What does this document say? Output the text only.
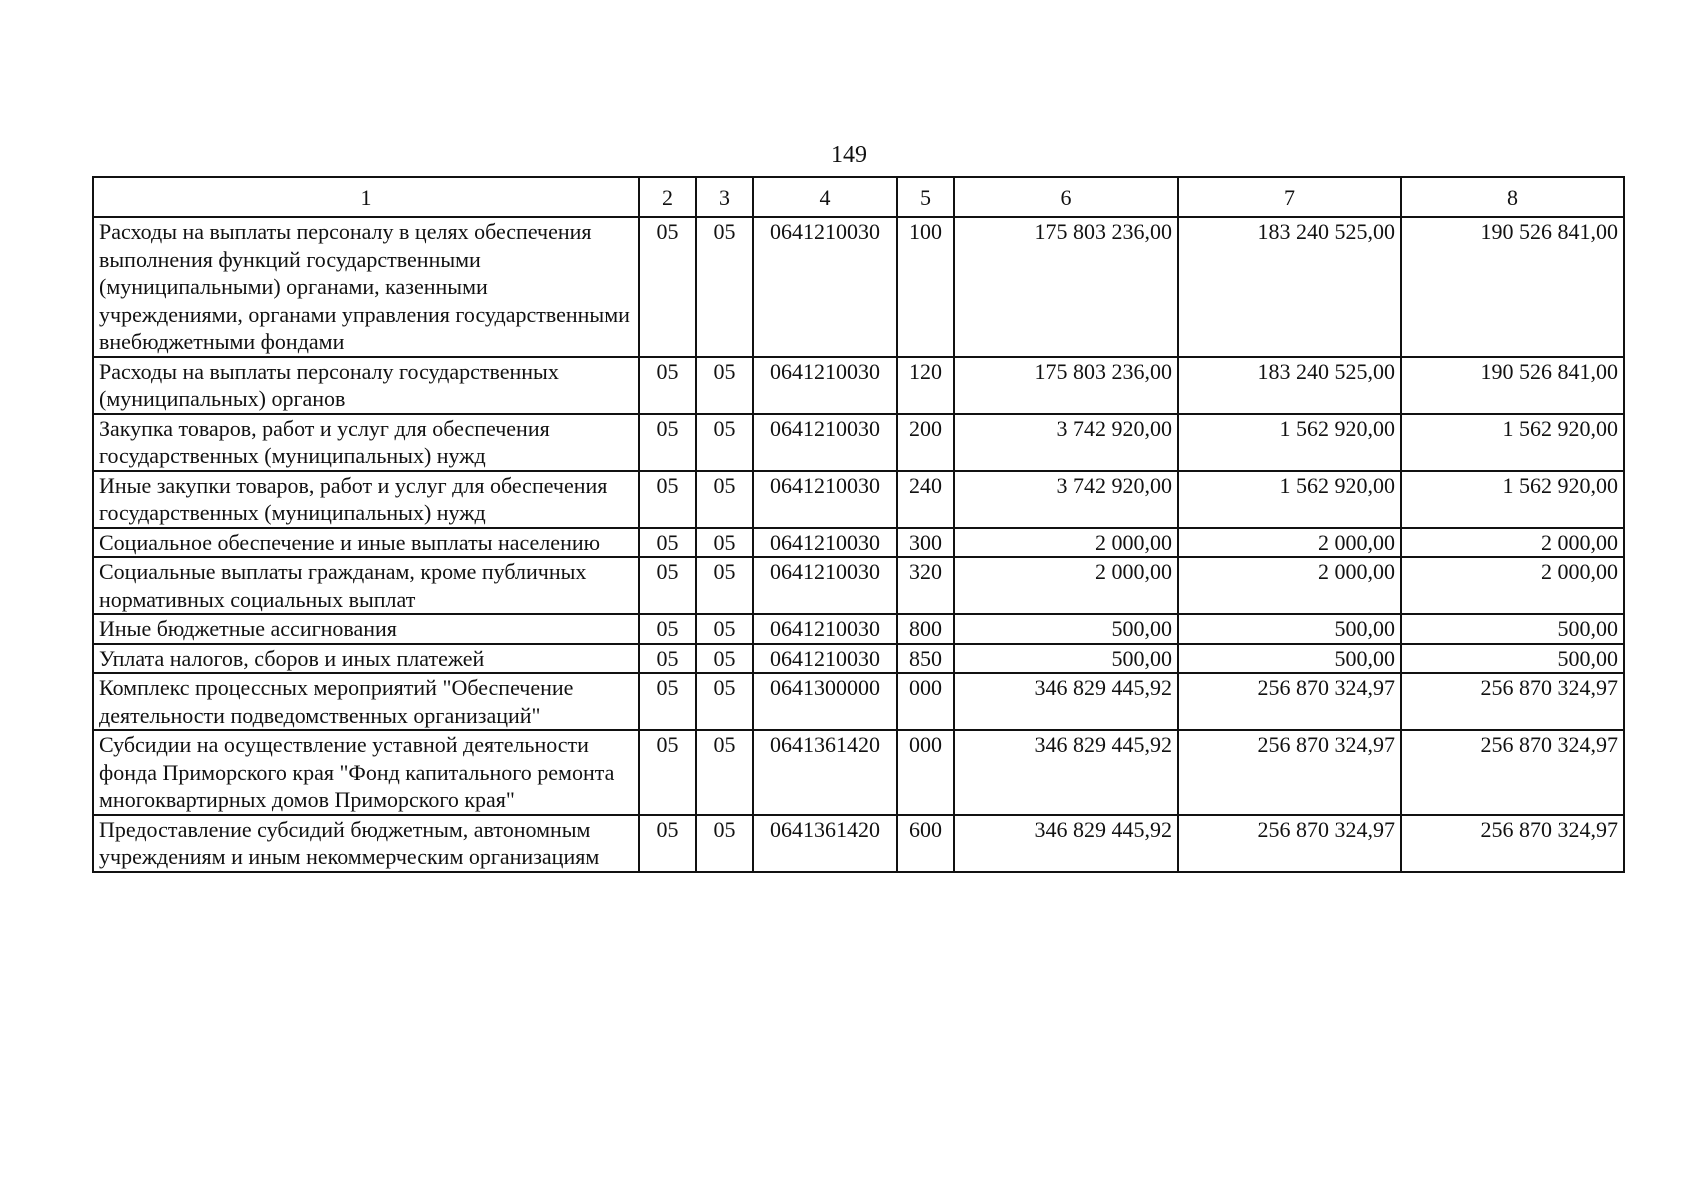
149
1	2	3	4	5	6	7	8
Расходы на выплаты персоналу в целях обеспечения выполнения функций государственными (муниципальными) органами, казенными учреждениями, органами управления государственными внебюджетными фондами	05	05	0641210030	100	175 803 236,00	183 240 525,00	190 526 841,00
Расходы на выплаты персоналу государственных (муниципальных) органов	05	05	0641210030	120	175 803 236,00	183 240 525,00	190 526 841,00
Закупка товаров, работ и услуг для обеспечения государственных (муниципальных) нужд	05	05	0641210030	200	3 742 920,00	1 562 920,00	1 562 920,00
Иные закупки товаров, работ и услуг для обеспечения государственных (муниципальных) нужд	05	05	0641210030	240	3 742 920,00	1 562 920,00	1 562 920,00
Социальное обеспечение и иные выплаты населению	05	05	0641210030	300	2 000,00	2 000,00	2 000,00
Социальные выплаты гражданам, кроме публичных нормативных социальных выплат	05	05	0641210030	320	2 000,00	2 000,00	2 000,00
Иные бюджетные ассигнования	05	05	0641210030	800	500,00	500,00	500,00
Уплата налогов, сборов и иных платежей	05	05	0641210030	850	500,00	500,00	500,00
Комплекс процессных мероприятий "Обеспечение деятельности подведомственных организаций"	05	05	0641300000	000	346 829 445,92	256 870 324,97	256 870 324,97
Субсидии на осуществление уставной деятельности фонда Приморского края "Фонд капитального ремонта многоквартирных домов Приморского края"	05	05	0641361420	000	346 829 445,92	256 870 324,97	256 870 324,97
Предоставление субсидий бюджетным, автономным учреждениям и иным некоммерческим организациям	05	05	0641361420	600	346 829 445,92	256 870 324,97	256 870 324,97
